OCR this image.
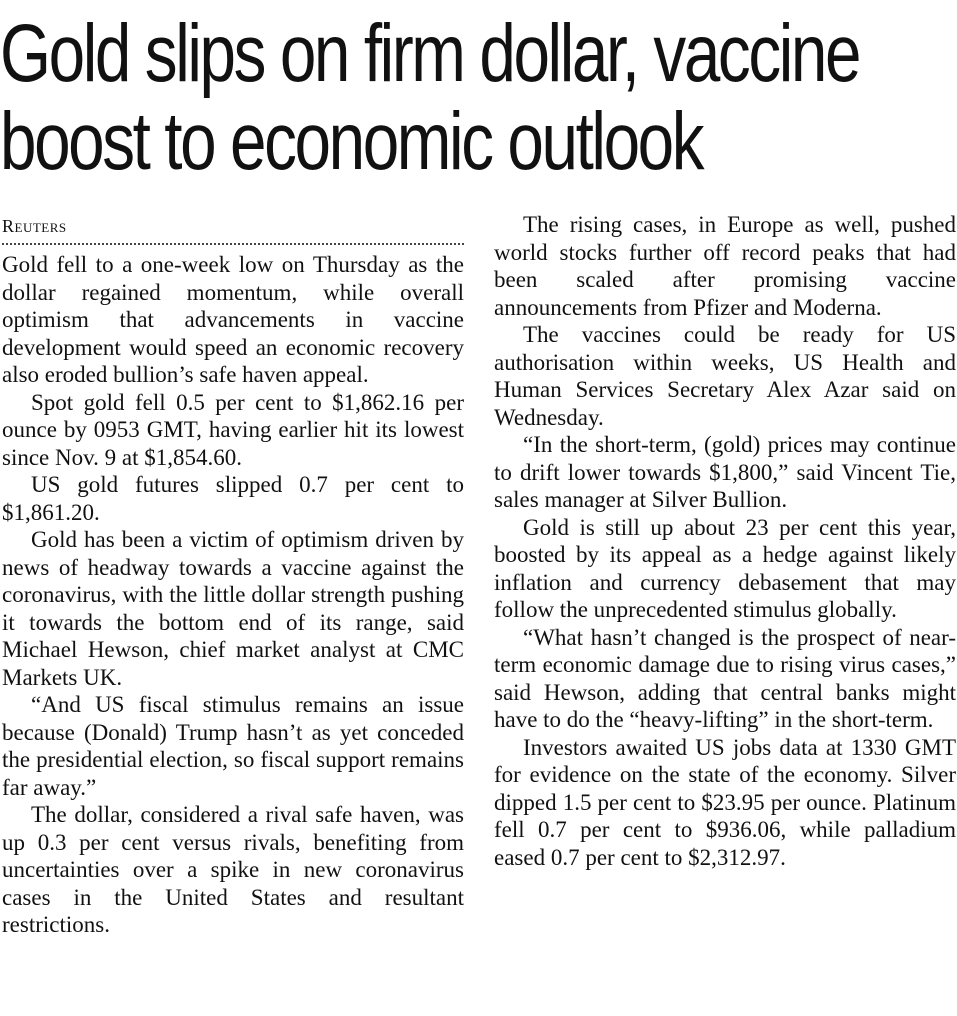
Gold slips on firm dollar, vaccine
boost to economic outlook
Reuters

Gold fell to a one-week low on Thursday as the dollar regained momentum, while overall optimism that advancements in vaccine development would speed an economic recovery also eroded bullion’s safe haven appeal.

Spot gold fell 0.5 per cent to $1,862.16 per ounce by 0953 GMT, having earlier hit its lowest since Nov. 9 at $1,854.60.

US gold futures slipped 0.7 per cent to $1,861.20.

Gold has been a victim of optimism driven by news of headway towards a vaccine against the coronavirus, with the little dollar strength pushing it towards the bottom end of its range, said Michael Hewson, chief market analyst at CMC Markets UK.

“And US fiscal stimulus remains an issue because (Donald) Trump hasn’t as yet conceded the presidential election, so fiscal support remains far away.”

The dollar, considered a rival safe haven, was up 0.3 per cent versus rivals, benefiting from uncertainties over a spike in new coronavirus cases in the United States and resultant restrictions.

The rising cases, in Europe as well, pushed world stocks further off record peaks that had been scaled after promising vaccine announcements from Pfizer and Moderna.

The vaccines could be ready for US authorisation within weeks, US Health and Human Services Secretary Alex Azar said on Wednesday.

“In the short-term, (gold) prices may continue to drift lower towards $1,800,” said Vincent Tie, sales manager at Silver Bullion.

Gold is still up about 23 per cent this year, boosted by its appeal as a hedge against likely inflation and currency debasement that may follow the unprecedented stimulus globally.

“What hasn’t changed is the prospect of near-term economic damage due to rising virus cases,” said Hewson, adding that central banks might have to do the “heavy-lifting” in the short-term.

Investors awaited US jobs data at 1330 GMT for evidence on the state of the economy. Silver dipped 1.5 per cent to $23.95 per ounce. Platinum fell 0.7 per cent to $936.06, while palladium eased 0.7 per cent to $2,312.97.
